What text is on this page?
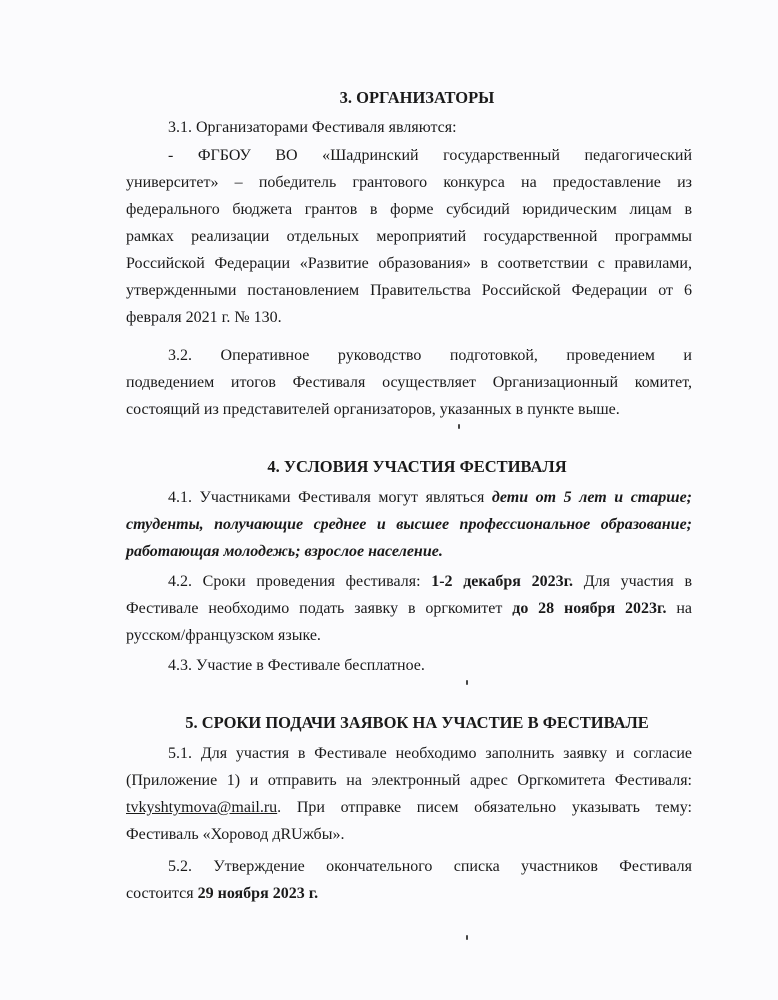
3. ОРГАНИЗАТОРЫ
3.1. Организаторами Фестиваля являются:
- ФГБОУ ВО «Шадринский государственный педагогический
университет» – победитель грантового конкурса на предоставление из
федерального бюджета грантов в форме субсидий юридическим лицам в
рамках реализации отдельных мероприятий государственной программы
Российской Федерации «Развитие образования» в соответствии с правилами,
утвержденными постановлением Правительства Российской Федерации от 6
февраля 2021 г. № 130.
3.2. Оперативное руководство подготовкой, проведением и
подведением итогов Фестиваля осуществляет Организационный комитет,
состоящий из представителей организаторов, указанных в пункте выше.
4. УСЛОВИЯ УЧАСТИЯ ФЕСТИВАЛЯ
4.1. Участниками Фестиваля могут являться дети от 5 лет и старше;
студенты, получающие среднее и высшее профессиональное образование;
работающая молодежь; взрослое население.
4.2. Сроки проведения фестиваля: 1-2 декабря 2023г. Для участия в
Фестивале необходимо подать заявку в оргкомитет до 28 ноября 2023г. на
русском/французском языке.
4.3. Участие в Фестивале бесплатное.
5. СРОКИ ПОДАЧИ ЗАЯВОК НА УЧАСТИЕ В ФЕСТИВАЛЕ
5.1. Для участия в Фестивале необходимо заполнить заявку и согласие
(Приложение 1) и отправить на электронный адрес Оргкомитета Фестиваля:
tvkyshtymova@mail.ru. При отправке писем обязательно указывать тему:
Фестиваль «Хоровод дRUжбы».
5.2. Утверждение окончательного списка участников Фестиваля
состоится 29 ноября 2023 г.
